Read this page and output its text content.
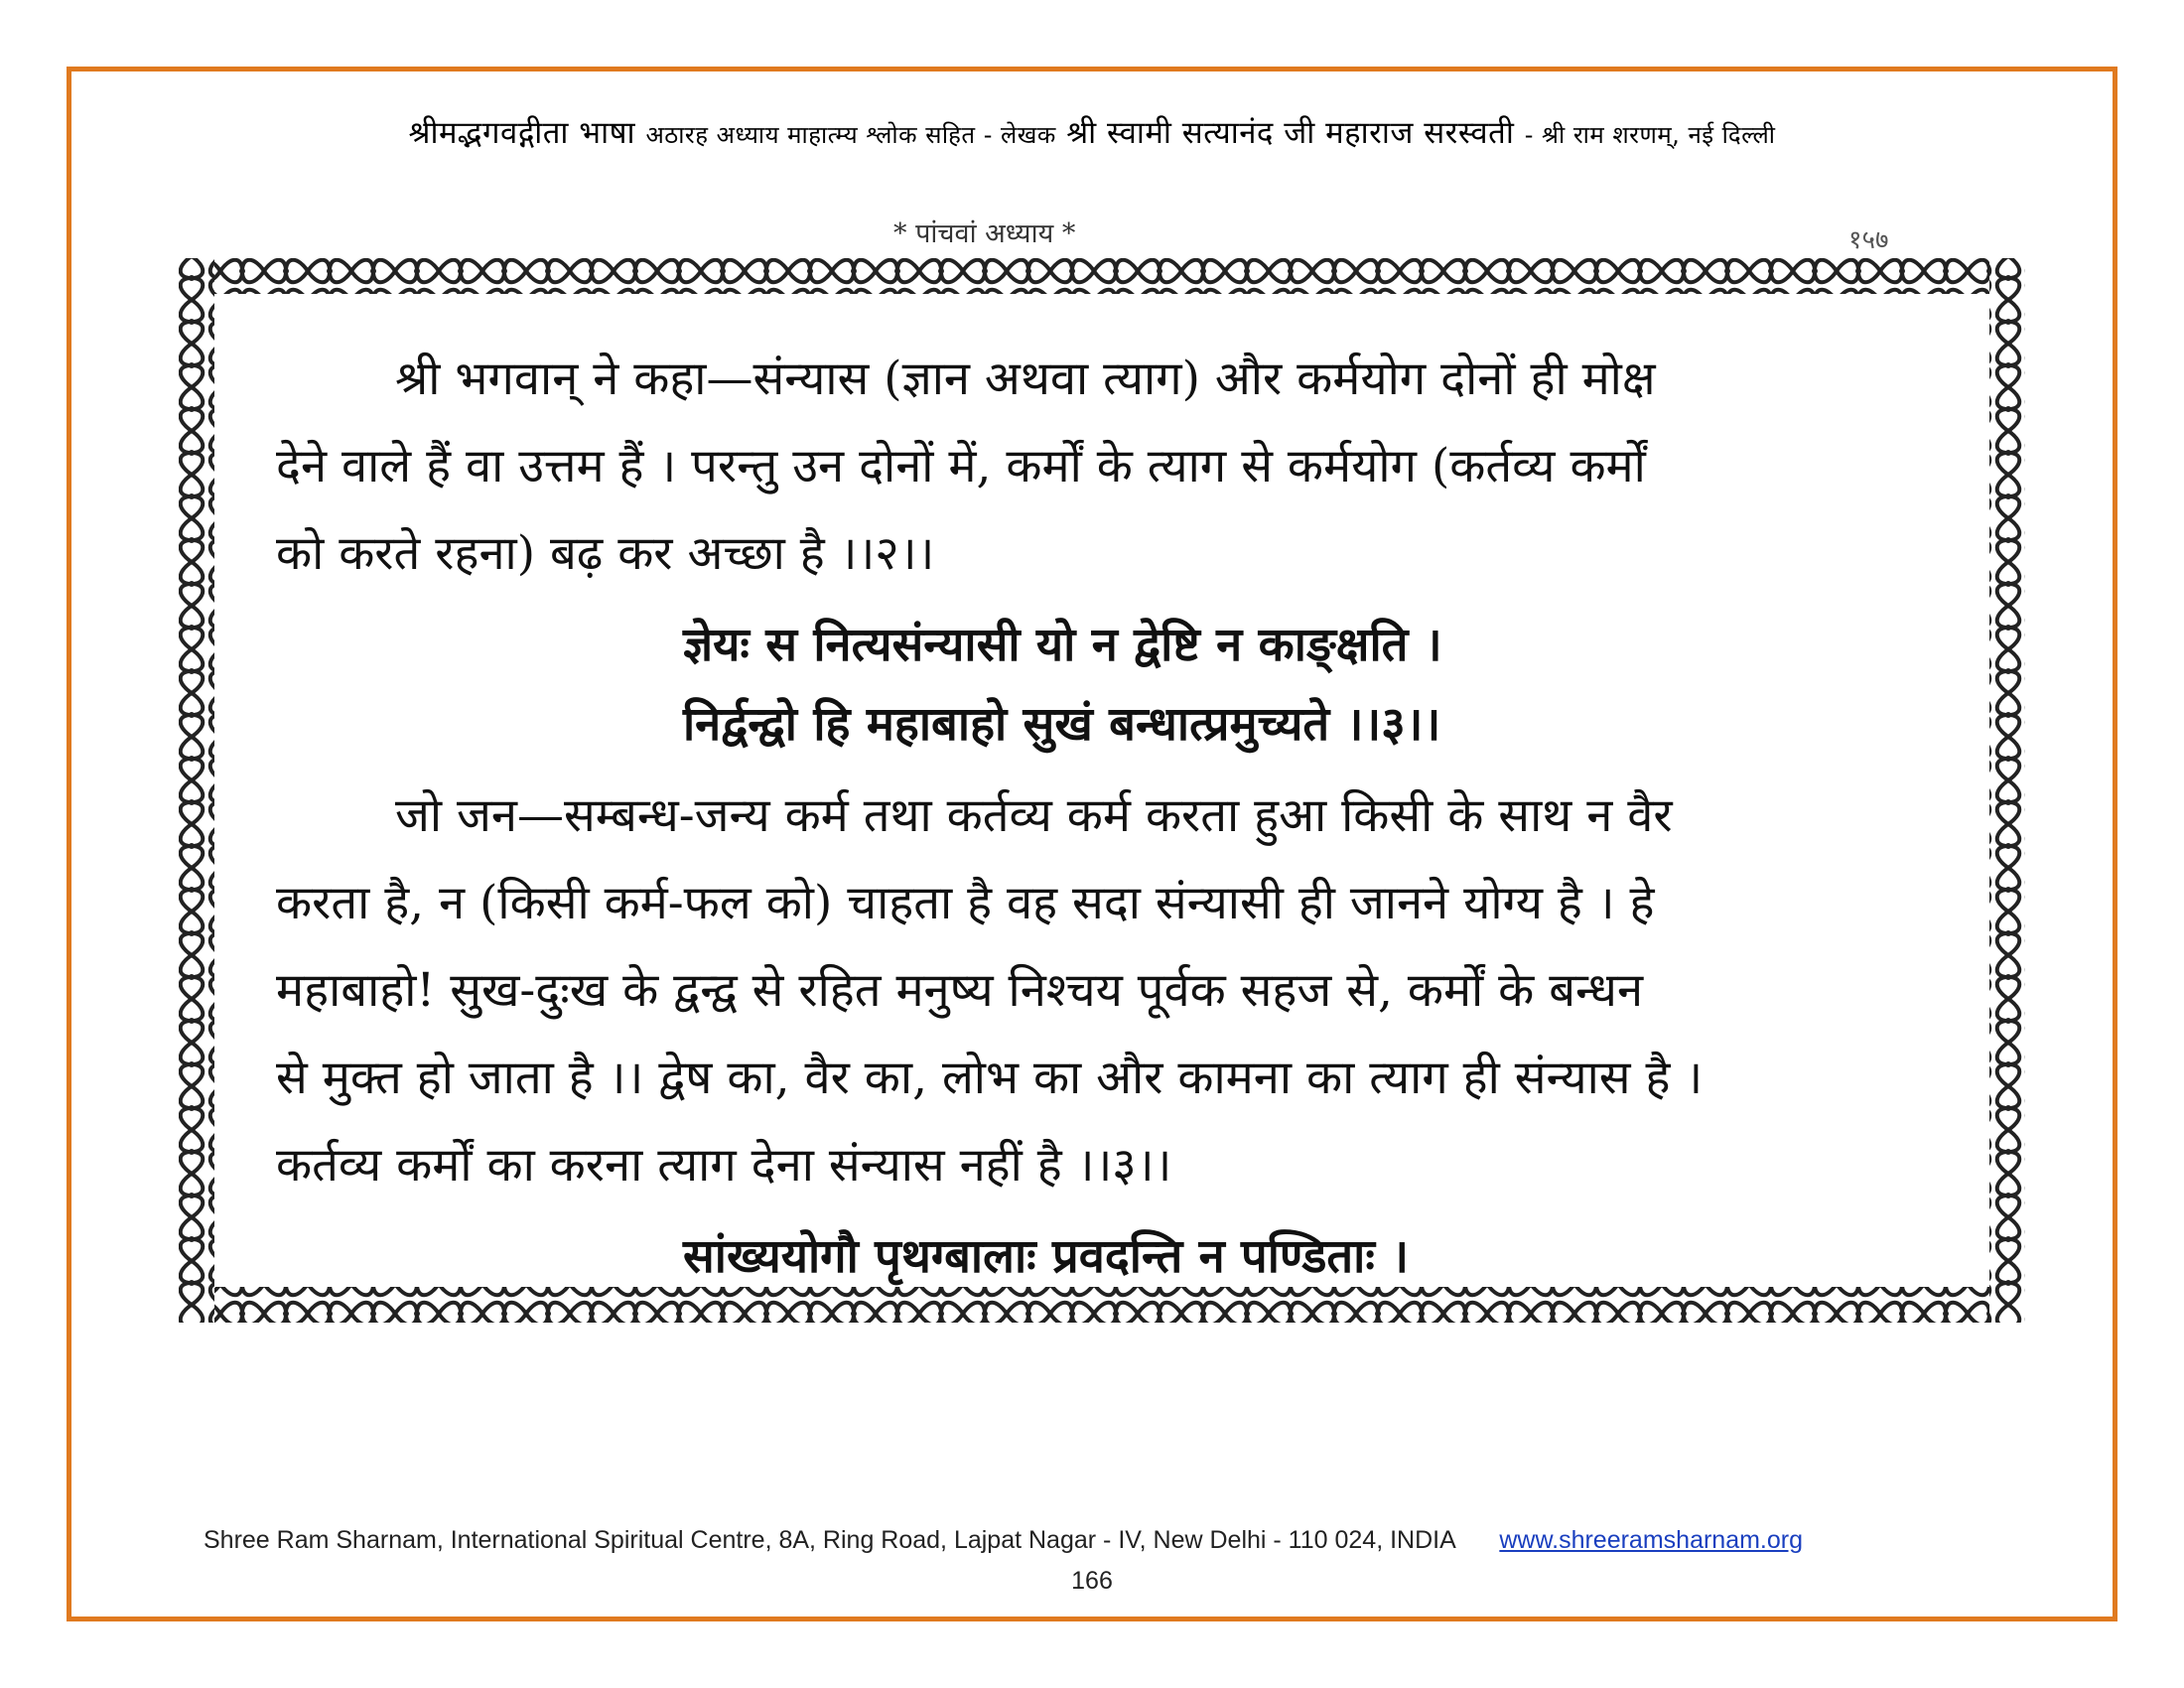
श्रीमद्भगवद्गीता भाषा अठारह अध्याय माहात्म्य श्लोक सहित - लेखक श्री स्वामी सत्यानंद जी महाराज सरस्वती - श्री राम शरणम्, नई दिल्ली
* पांचवां अध्याय *	१५७
श्री भगवान् ने कहा—संन्यास (ज्ञान अथवा त्याग) और कर्मयोग दोनों ही मोक्ष
देने वाले हैं वा उत्तम हैं । परन्तु उन दोनों में, कर्मों के त्याग से कर्मयोग (कर्तव्य कर्मों
को करते रहना) बढ़ कर अच्छा है ।।२।।
ज्ञेयः स नित्यसंन्यासी यो न द्वेष्टि न काङ्क्षति ।
निर्द्वन्द्वो हि महाबाहो सुखं बन्धात्प्रमुच्यते ।।३।।
जो जन—सम्बन्ध-जन्य कर्म तथा कर्तव्य कर्म करता हुआ किसी के साथ न वैर
करता है, न (किसी कर्म-फल को) चाहता है वह सदा संन्यासी ही जानने योग्य है । हे
महाबाहो! सुख-दुःख के द्वन्द्व से रहित मनुष्य निश्चय पूर्वक सहज से, कर्मों के बन्धन
से मुक्त हो जाता है ।। द्वेष का, वैर का, लोभ का और कामना का त्याग ही संन्यास है ।
कर्तव्य कर्मों का करना त्याग देना संन्यास नहीं है ।।३।।
सांख्ययोगौ पृथग्बालाः प्रवदन्ति न पण्डिताः ।
Shree Ram Sharnam, International Spiritual Centre, 8A, Ring Road, Lajpat Nagar - IV, New Delhi - 110 024, INDIA www.shreeramsharnam.org
166
